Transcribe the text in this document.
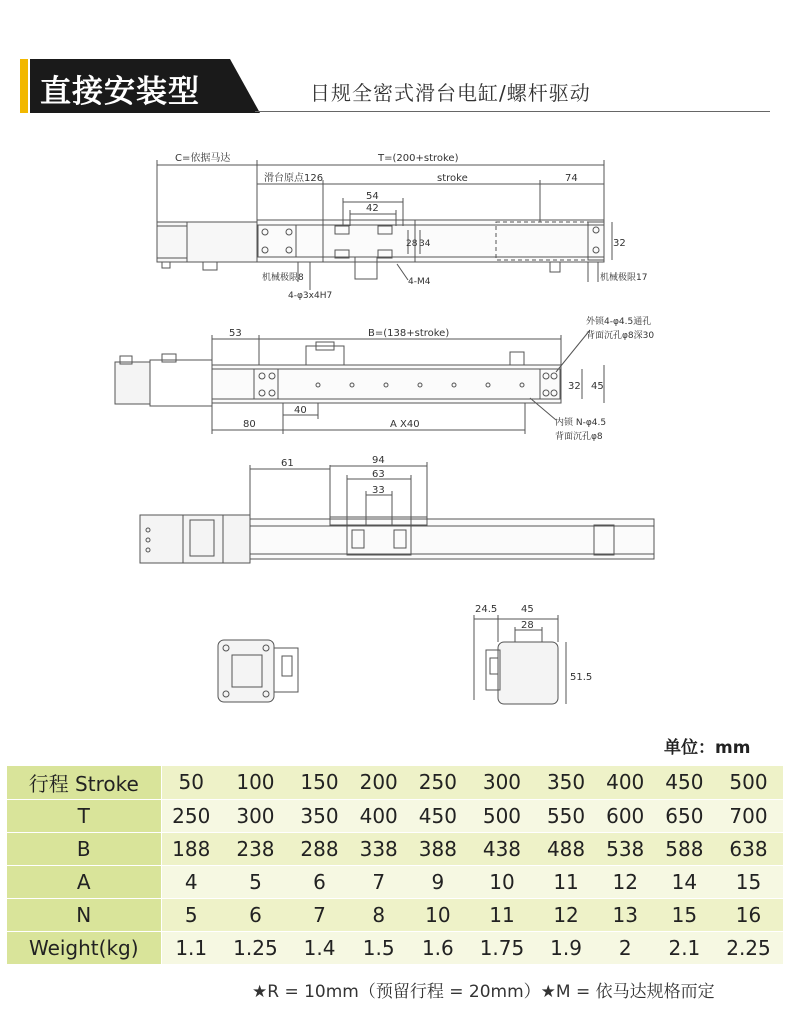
直接安装型	日规全密式滑台电缸/螺杆驱动
C=依据马达	T=(200+stroke)
滑台原点126	stroke	74
54
42
28 34	32
机械极限8	机械极限17
4-φ3x4H7
4-M4
外锁4-φ4.5通孔
背面沉孔φ8深30
53	B=(138+stroke)
32 45
40
80	A X40	内锁 N-φ4.5
背面沉孔φ8
61	94
63
33
24.5 45
28
51.5
单位：mm
行程 Stroke	50	100	150	200	250	300	350	400	450	500
T	250	300	350	400	450	500	550	600	650	700
B	188	238	288	338	388	438	488	538	588	638
A	4	5	6	7	9	10	11	12	14	15
N	5	6	7	8	10	11	12	13	15	16
Weight(kg)	1.1	1.25	1.4	1.5	1.6	1.75	1.9	2	2.1	2.25
★R = 10mm（预留行程 = 20mm）★M = 依马达规格而定
